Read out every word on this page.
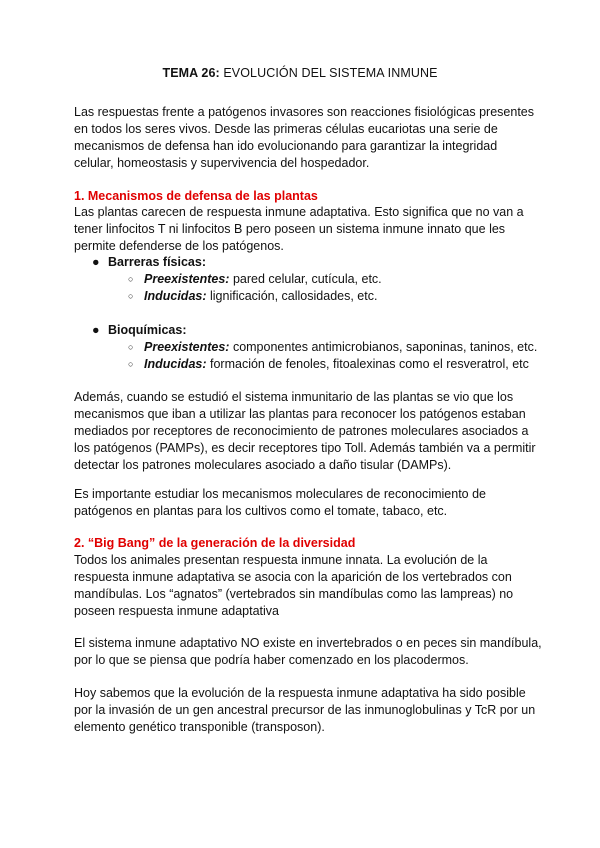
TEMA 26: EVOLUCIÓN DEL SISTEMA INMUNE
Las respuestas frente a patógenos invasores son reacciones fisiológicas presentes
en todos los seres vivos. Desde las primeras células eucariotas una serie de
mecanismos de defensa han ido evolucionando para garantizar la integridad
celular, homeostasis y supervivencia del hospedador.
1. Mecanismos de defensa de las plantas
Las plantas carecen de respuesta inmune adaptativa. Esto significa que no van a
tener linfocitos T ni linfocitos B pero poseen un sistema inmune innato que les
permite defenderse de los patógenos.
● Barreras físicas:
○ Preexistentes: pared celular, cutícula, etc.
○ Inducidas: lignificación, callosidades, etc.
● Bioquímicas:
○ Preexistentes: componentes antimicrobianos, saponinas, taninos, etc.
○ Inducidas: formación de fenoles, fitoalexinas como el resveratrol, etc
Además, cuando se estudió el sistema inmunitario de las plantas se vio que los
mecanismos que iban a utilizar las plantas para reconocer los patógenos estaban
mediados por receptores de reconocimiento de patrones moleculares asociados a
los patógenos (PAMPs), es decir receptores tipo Toll. Además también va a permitir
detectar los patrones moleculares asociado a daño tisular (DAMPs).
Es importante estudiar los mecanismos moleculares de reconocimiento de
patógenos en plantas para los cultivos como el tomate, tabaco, etc.
2. “Big Bang” de la generación de la diversidad
Todos los animales presentan respuesta inmune innata. La evolución de la
respuesta inmune adaptativa se asocia con la aparición de los vertebrados con
mandíbulas. Los “agnatos” (vertebrados sin mandíbulas como las lampreas) no
poseen respuesta inmune adaptativa
El sistema inmune adaptativo NO existe en invertebrados o en peces sin mandíbula,
por lo que se piensa que podría haber comenzado en los placodermos.
Hoy sabemos que la evolución de la respuesta inmune adaptativa ha sido posible
por la invasión de un gen ancestral precursor de las inmunoglobulinas y TcR por un
elemento genético transponible (transposon).
